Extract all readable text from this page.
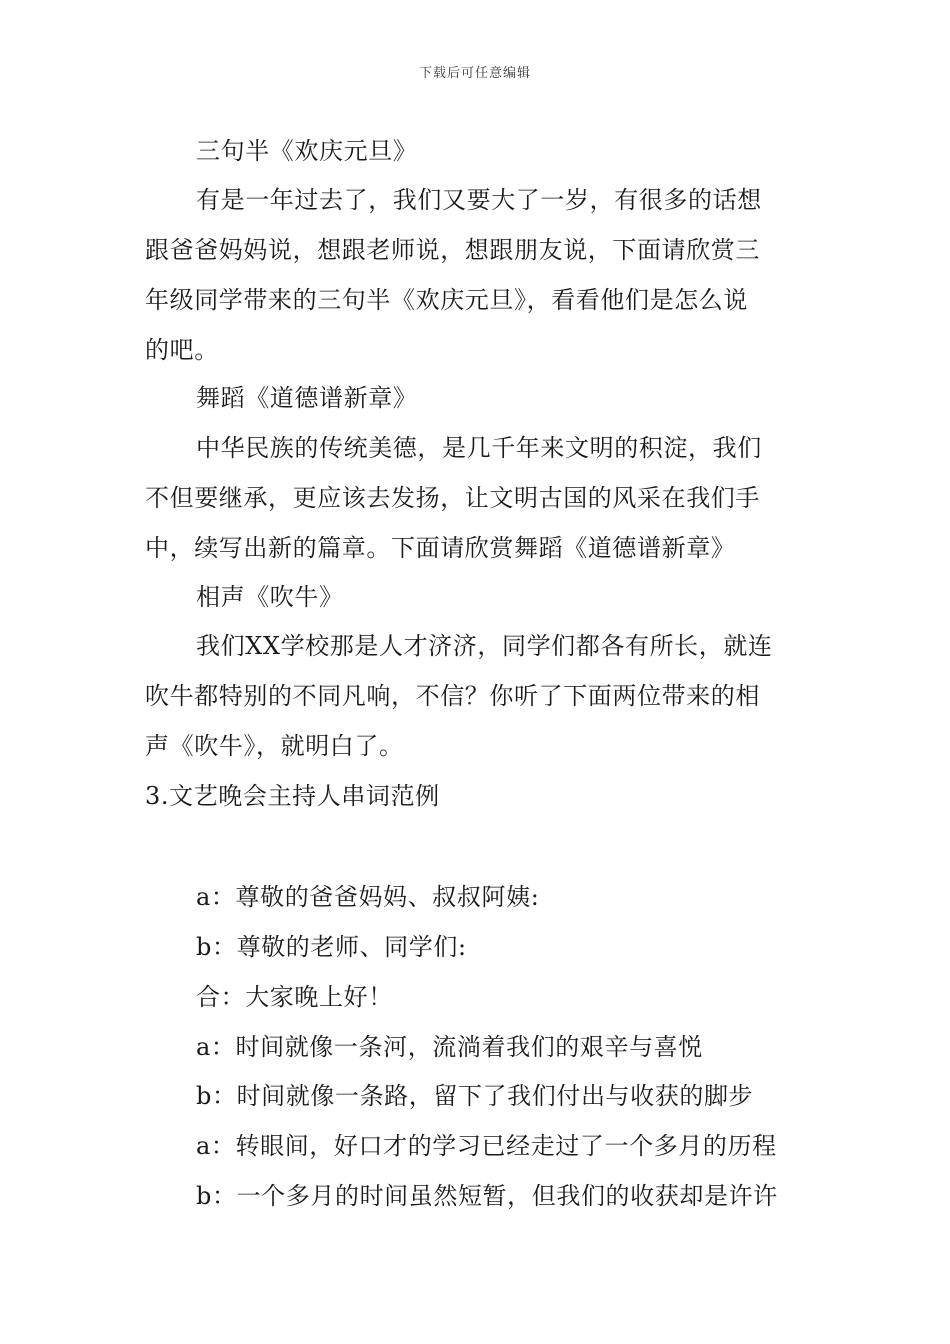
下载后可任意编辑
三句半《欢庆元旦》
有是一年过去了，我们又要大了一岁，有很多的话想
跟爸爸妈妈说，想跟老师说，想跟朋友说，下面请欣赏三
年级同学带来的三句半《欢庆元旦》，看看他们是怎么说
的吧。
舞蹈《道德谱新章》
中华民族的传统美德，是几千年来文明的积淀，我们
不但要继承，更应该去发扬，让文明古国的风采在我们手
中，续写出新的篇章。下面请欣赏舞蹈《道德谱新章》
相声《吹牛》
我们XX学校那是人才济济，同学们都各有所长，就连
吹牛都特别的不同凡响，不信？你听了下面两位带来的相
声《吹牛》，就明白了。
3.文艺晚会主持人串词范例
a：尊敬的爸爸妈妈、叔叔阿姨:
b：尊敬的老师、同学们:
合：大家晚上好！
a：时间就像一条河，流淌着我们的艰辛与喜悦
b：时间就像一条路，留下了我们付出与收获的脚步
a：转眼间，好口才的学习已经走过了一个多月的历程
b：一个多月的时间虽然短暂，但我们的收获却是许许
